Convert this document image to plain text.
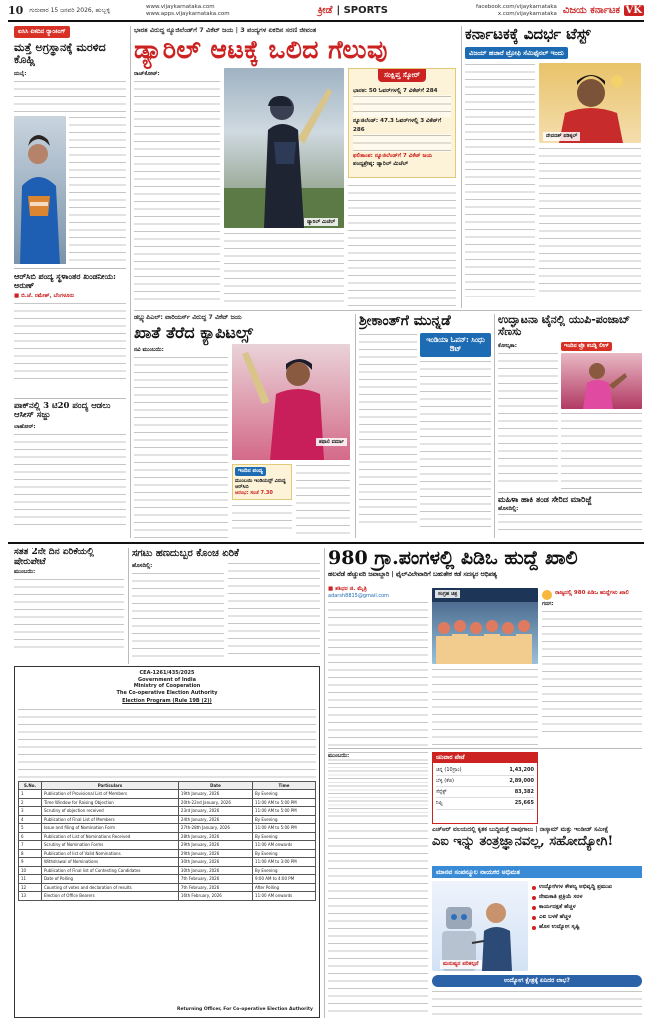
10 ಗುರುವಾರ 15 ಜನವರಿ 2026, ಹುಬ್ಬಳ್ಳಿ
www.vijaykarnataka.com
www.apps.vijaykarnataka.com	ಕ್ರೀಡೆ | SPORTS	facebook.com/vijaykarnataka
x.com/vijaykarnataka ವಿಜಯ ಕರ್ನಾಟಕ VK
ಐಸಿಸಿ ಏಕದಿನ ರ‍್ಯಾಂಕಿಂಗ್
ಮತ್ತೆ ಅಗ್ರಸ್ಥಾನಕ್ಕೆ ಮರಳಿದ ಕೊಹ್ಲಿ
ದುಬೈ:
ಆರ್‌ಸಿಬಿ ಪಂದ್ಯ ಸ್ಥಳಾಂತರ ಖಂಡನೀಯ: ಅರುಣ್
■ ಬಿ.ಜೆ. ರಮೇಶ್, ಬೆಂಗಳೂರು
ಪಾಕ್‌ನಲ್ಲಿ 3 ಟಿ20 ಪಂದ್ಯ ಆಡಲು ಆಸೀಸ್ ಸಜ್ಜು
ಲಾಹೋರ್:
ಭಾರತ ವಿರುದ್ಧ ನ್ಯೂಜಿಲೆಂಡ್‌ಗೆ 7 ವಿಕೆಟ್ ಜಯ | 3 ಪಂದ್ಯಗಳ ಏಕದಿನ ಸರಣಿ ಜೀವಂತ
ಡ್ಯಾರಿಲ್ ಆಟಕ್ಕೆ ಒಲಿದ ಗೆಲುವು
ರಾಜ್‌ಕೋಟ್:
ಡ್ಯಾರಿಲ್ ಮಿಚೆಲ್
ಸಂಕ್ಷಿಪ್ತ ಸ್ಕೋರ್
ಭಾರತ: 50 ಓವರ್‌ಗಳಲ್ಲಿ 7 ವಿಕೆಟ್‌ಗೆ 284
ನ್ಯೂಜಿಲೆಂಡ್: 47.3 ಓವರ್‌ಗಳಲ್ಲಿ 3 ವಿಕೆಟ್‌ಗೆ 286
ಫಲಿತಾಂಶ: ನ್ಯೂಜಿಲೆಂಡ್‌ಗೆ 7 ವಿಕೆಟ್ ಜಯ
ಪಂದ್ಯಶ್ರೇಷ್ಠ: ಡ್ಯಾರಿಲ್ ಮಿಚೆಲ್
ಕರ್ನಾಟಕಕ್ಕೆ ವಿದರ್ಭ ಟೆಸ್ಟ್
ವಿಜಯ್ ಹಜಾರೆ ಟ್ರೋಫಿ ಸೆಮಿಫೈನಲ್ ಇಂದು
ದೇವದತ್ ಪಡಿಕ್ಕಲ್
ಡಬ್ಲ್ಯುಪಿಎಲ್: ವಾರಿಯರ್ಸ್ ವಿರುದ್ಧ 7 ವಿಕೆಟ್ ಜಯ
ಖಾತೆ ತೆರೆದ ಕ್ಯಾಪಿಟಲ್ಸ್
ನವಿ ಮುಂಬಯಿ:
ಶಫಾಲಿ ವರ್ಮಾ
ಇಂದಿನ ಪಂದ್ಯ
ಮುಂಬಯಿ ಇಂಡಿಯನ್ಸ್ ವಿರುದ್ಧ ಆರ್‌ಸಿಬಿ
ಆರಂಭ: ಸಂಜೆ 7.30
ಶ್ರೀಕಾಂತ್‌ಗೆ ಮುನ್ನಡೆ
ಇಂಡಿಯಾ ಓಪನ್: ಸಿಂಧು ಔಟ್
ಉದ್ಘಾಟನಾ ಟೈನಲ್ಲಿ ಯುಪಿ-ಪಂಜಾಬ್ ಸೆಣಸು
ಕೋಲ್ಕತಾ:	ಇಂದಿನ ಪ್ರೊ ಕಬಡ್ಡಿ ಲೀಗ್
ಮಹಿಳಾ ಹಾಕಿ ತಂಡ ಸೇರಿದ ಮಾರಿಜ್ಜೆ
ಹೊಸದಿಲ್ಲಿ:
ಸತತ 2ನೇ ದಿನ ಏರಿಕೆಯಲ್ಲಿ ಷೇರುಪೇಟೆ
ಮುಂಬಯಿ:
ಸಗಟು ಹಣದುಬ್ಬರ ಕೊಂಚ ಏರಿಕೆ
ಹೊಸದಿಲ್ಲಿ:
CEA-1261/435/2025
Government of India
Ministry of Cooperation
The Co-operative Election Authority
Election Program (Rule 19B (2))
S.No.	Particulars	Date	Time
1	Publication of Provisional List of Members	19th January, 2026	By Evening
2	Time Window for Raising Objection	20th-22nd January, 2026	11:00 AM to 5:00 PM
3	Scrutiny of objection received	23rd January, 2026	11:00 AM to 5:00 PM
4	Publication of Final List of Members	24th January, 2026	By Evening
5	Issue and filing of Nomination Form	27th-28th January, 2026	11:00 AM to 5:00 PM
6	Publication of List of Nominations Received	28th January, 2026	By Evening
7	Scrutiny of Nomination Forms	29th January, 2026	11:00 AM onwards
8	Publication of list of Valid Nominations	29th January, 2026	By Evening
9	Withdrawal of Nominations	30th January, 2026	11:00 AM to 3:00 PM
10	Publication of Final list of Contesting Candidates	30th January, 2026	By Evening
11	Date of Polling	7th February, 2026	9:00 AM to 4:00 PM
12	Counting of votes and declaration of results	7th February, 2026	After Polling
13	Election of Office Bearers	16th February, 2026	11:00 AM onwards
Returning Officer, For Co-operative Election Authority
980 ಗ್ರಾ.ಪಂಗಳಲ್ಲಿ ಪಿಡಿಒ ಹುದ್ದೆ ಖಾಲಿ
ಹಲವೆಡೆ ಹೆಚ್ಚುವರಿ ಜವಾಬ್ದಾರಿ | ಫೈಲ್‌ವಿಲೇವಾರಿಗೆ ಬಹುತೇಕ ಕಡೆ ಸದಸ್ಯರ ಆಧಿಪತ್ಯ
■ ಶಶಿಧರ ಜಿ. ಮೈತ್ರಿ
adarsh8815@gmail.com	ಸಂಗ್ರಹ ಚಿತ್ರ	ರಾಜ್ಯದಲ್ಲಿ 980 ಪಿಡಿಒ ಹುದ್ದೆಗಳು ಖಾಲಿ
ಗದಗ:
ಚಿನಿವಾರ ಪೇಟೆ
ಚಿನ್ನ (10ಗ್ರಾಂ)	1,43,200
ಬೆಳ್ಳಿ (ಕೆಜಿ)	2,89,000
ಸೆನ್ಸೆಕ್ಸ್	83,382
ನಿಫ್ಟಿ	25,665
ಮುಂಬಯಿ:
ಎಚ್‌ಆರ್ ವಲಯದಲ್ಲಿ ಕೃತಕ ಬುದ್ಧಿಮತ್ತೆ ದಾಪುಗಾಲು | ನಾಸ್ಕಾಮ್ ಮತ್ತು ಇಂಡೀಡ್ ಸಮೀಕ್ಷೆ
ಎಐ ಇನ್ನು ತಂತ್ರಜ್ಞಾನವಲ್ಲ, ಸಹೋದ್ಯೋಗಿ!
ಮಾನವ ಸಂಪನ್ಮೂಲ ನಾಯಕರ ಅಭಿಮತ
ಮನುಷ್ಯರ ಪರಿಕಲ್ಪನೆ
ಉದ್ಯೋಗಿಗಳ ಕೌಶಲ್ಯ ಅಭಿವೃದ್ಧಿ ಪ್ರಮುಖ
ನೇಮಕಾತಿ ಪ್ರಕ್ರಿಯೆ ಸರಳ
ಕಾರ್ಯದಕ್ಷತೆ ಹೆಚ್ಚಳ
ಎಐ ಬಳಕೆ ಹೆಚ್ಚಳ
ಹೊಸ ಉದ್ಯೋಗ ಸೃಷ್ಟಿ
ಉದ್ಯೋಗ ಕ್ಷೇತ್ರಕ್ಕೆ ಏನಿದರ ಲಾಭ?
